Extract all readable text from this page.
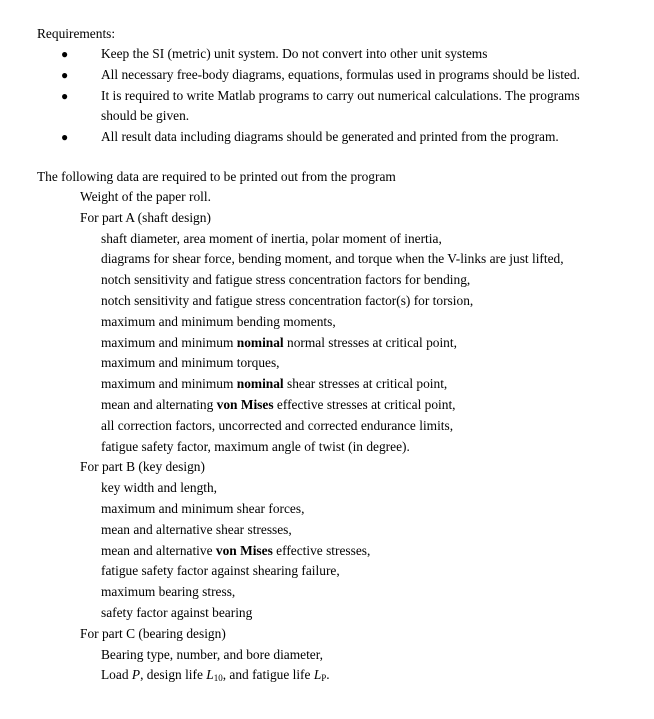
Requirements:
● Keep the SI (metric) unit system. Do not convert into other unit systems
● All necessary free-body diagrams, equations, formulas used in programs should be listed.
● It is required to write Matlab programs to carry out numerical calculations. The programs should be given.
● All result data including diagrams should be generated and printed from the program.
The following data are required to be printed out from the program
Weight of the paper roll.
For part A (shaft design)
shaft diameter, area moment of inertia, polar moment of inertia,
diagrams for shear force, bending moment, and torque when the V-links are just lifted,
notch sensitivity and fatigue stress concentration factors for bending,
notch sensitivity and fatigue stress concentration factor(s) for torsion,
maximum and minimum bending moments,
maximum and minimum nominal normal stresses at critical point,
maximum and minimum torques,
maximum and minimum nominal shear stresses at critical point,
mean and alternating von Mises effective stresses at critical point,
all correction factors, uncorrected and corrected endurance limits,
fatigue safety factor, maximum angle of twist (in degree).
For part B (key design)
key width and length,
maximum and minimum shear forces,
mean and alternative shear stresses,
mean and alternative von Mises effective stresses,
fatigue safety factor against shearing failure,
maximum bearing stress,
safety factor against bearing
For part C (bearing design)
Bearing type, number, and bore diameter,
Load P, design life $L_{10}$, and fatigue life $L_P$.
